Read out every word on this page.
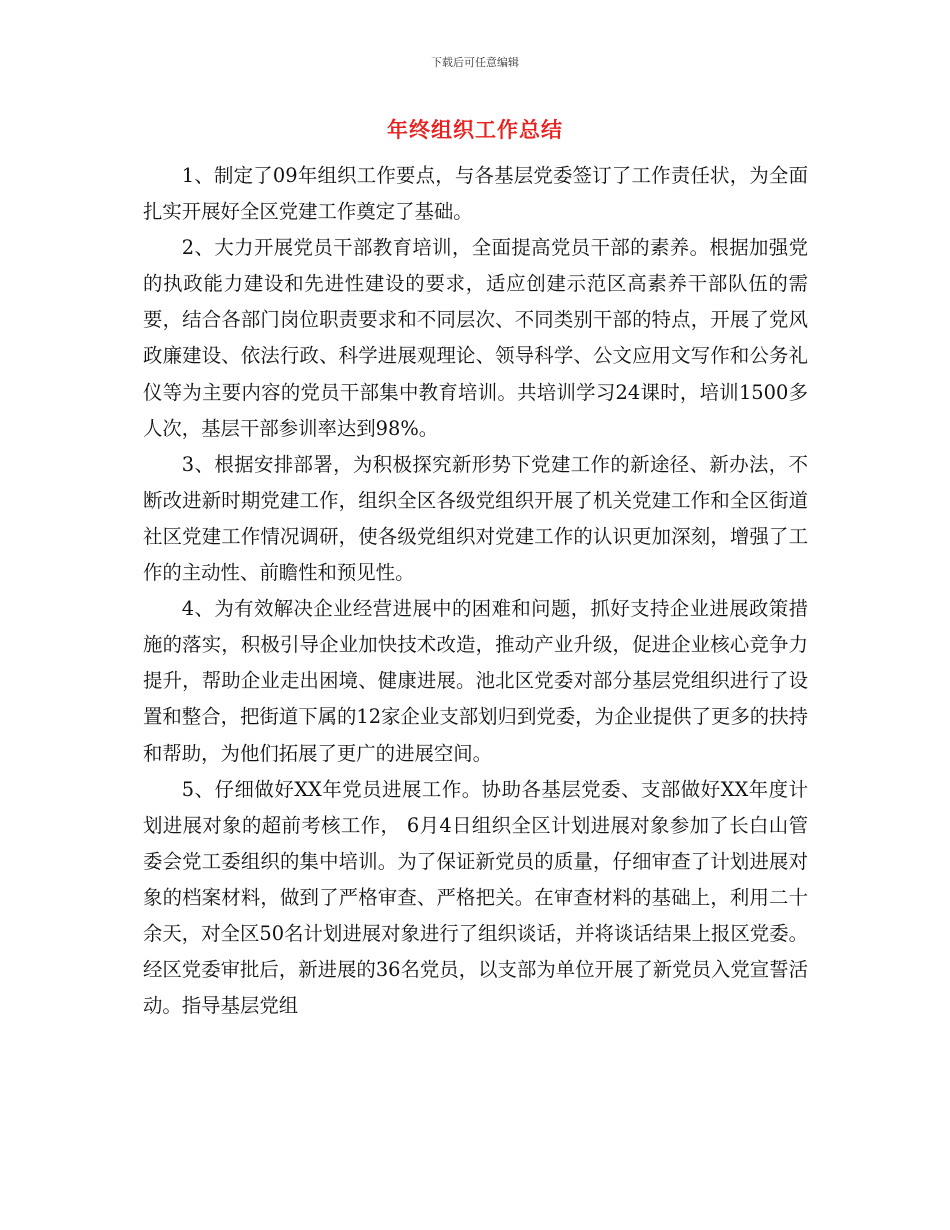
下载后可任意编辑
年终组织工作总结

1、制定了09年组织工作要点，与各基层党委签订了工作责任状，为全面扎实开展好全区党建工作奠定了基础。

2、大力开展党员干部教育培训，全面提高党员干部的素养。根据加强党的执政能力建设和先进性建设的要求，适应创建示范区高素养干部队伍的需要，结合各部门岗位职责要求和不同层次、不同类别干部的特点，开展了党风政廉建设、依法行政、科学进展观理论、领导科学、公文应用文写作和公务礼仪等为主要内容的党员干部集中教育培训。共培训学习24课时，培训1500多人次，基层干部参训率达到98%。

3、根据安排部署，为积极探究新形势下党建工作的新途径、新办法，不断改进新时期党建工作，组织全区各级党组织开展了机关党建工作和全区街道社区党建工作情况调研，使各级党组织对党建工作的认识更加深刻，增强了工作的主动性、前瞻性和预见性。

4、为有效解决企业经营进展中的困难和问题，抓好支持企业进展政策措施的落实，积极引导企业加快技术改造，推动产业升级，促进企业核心竞争力提升，帮助企业走出困境、健康进展。池北区党委对部分基层党组织进行了设置和整合，把街道下属的12家企业支部划归到党委，为企业提供了更多的扶持和帮助，为他们拓展了更广的进展空间。

5、仔细做好XX年党员进展工作。协助各基层党委、支部做好XX年度计划进展对象的超前考核工作， 6月4日组织全区计划进展对象参加了长白山管委会党工委组织的集中培训。为了保证新党员的质量，仔细审查了计划进展对象的档案材料，做到了严格审查、严格把关。在审查材料的基础上，利用二十余天，对全区50名计划进展对象进行了组织谈话，并将谈话结果上报区党委。经区党委审批后，新进展的36名党员，以支部为单位开展了新党员入党宣誓活动。指导基层党组
